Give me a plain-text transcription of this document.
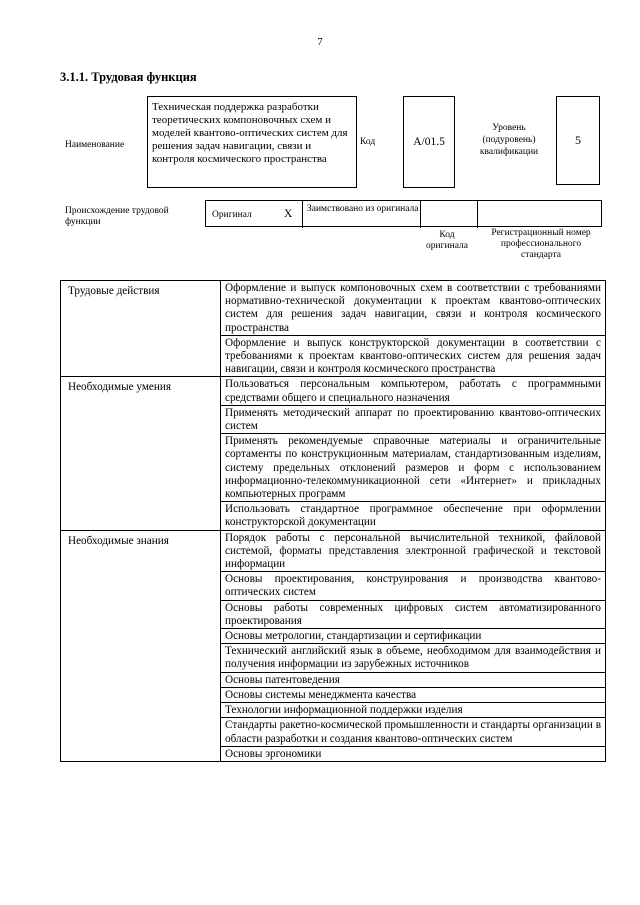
7
3.1.1. Трудовая функция
Наименование
Техническая поддержка разработки теоретических компоновочных схем и моделей квантово-оптических систем для решения задач навигации, связи и контроля космического пространства
Код	A/01.5
Уровень (подуровень) квалификации
5
Происхождение трудовой функции
Оригинал	X Заимствовано из оригинала
Код оригинала
Регистрационный номер профессионального стандарта
Трудовые действия	Оформление и выпуск компоновочных схем в соответствии с требованиями нормативно-технической документации к проектам квантово-оптических систем для решения задач навигации, связи и контроля космического пространства
	Оформление и выпуск конструкторской документации в соответствии с требованиями к проектам квантово-оптических систем для решения задач навигации, связи и контроля космического пространства
Необходимые умения	Пользоваться персональным компьютером, работать с программными средствами общего и специального назначения
	Применять методический аппарат по проектированию квантово-оптических систем
	Применять рекомендуемые справочные материалы и ограничительные сортаменты по конструкционным материалам, стандартизованным изделиям, систему предельных отклонений размеров и форм с использованием информационно-телекоммуникационной сети «Интернет» и прикладных компьютерных программ
	Использовать стандартное программное обеспечение при оформлении конструкторской документации
Необходимые знания	Порядок работы с персональной вычислительной техникой, файловой системой, форматы представления электронной графической и текстовой информации
	Основы проектирования, конструирования и производства квантово-оптических систем
	Основы работы современных цифровых систем автоматизированного проектирования
	Основы метрологии, стандартизации и сертификации
	Технический английский язык в объеме, необходимом для взаимодействия и получения информации из зарубежных источников
	Основы патентоведения
	Основы системы менеджмента качества
	Технологии информационной поддержки изделия
	Стандарты ракетно-космической промышленности и стандарты организации в области разработки и создания квантово-оптических систем
	Основы эргономики
